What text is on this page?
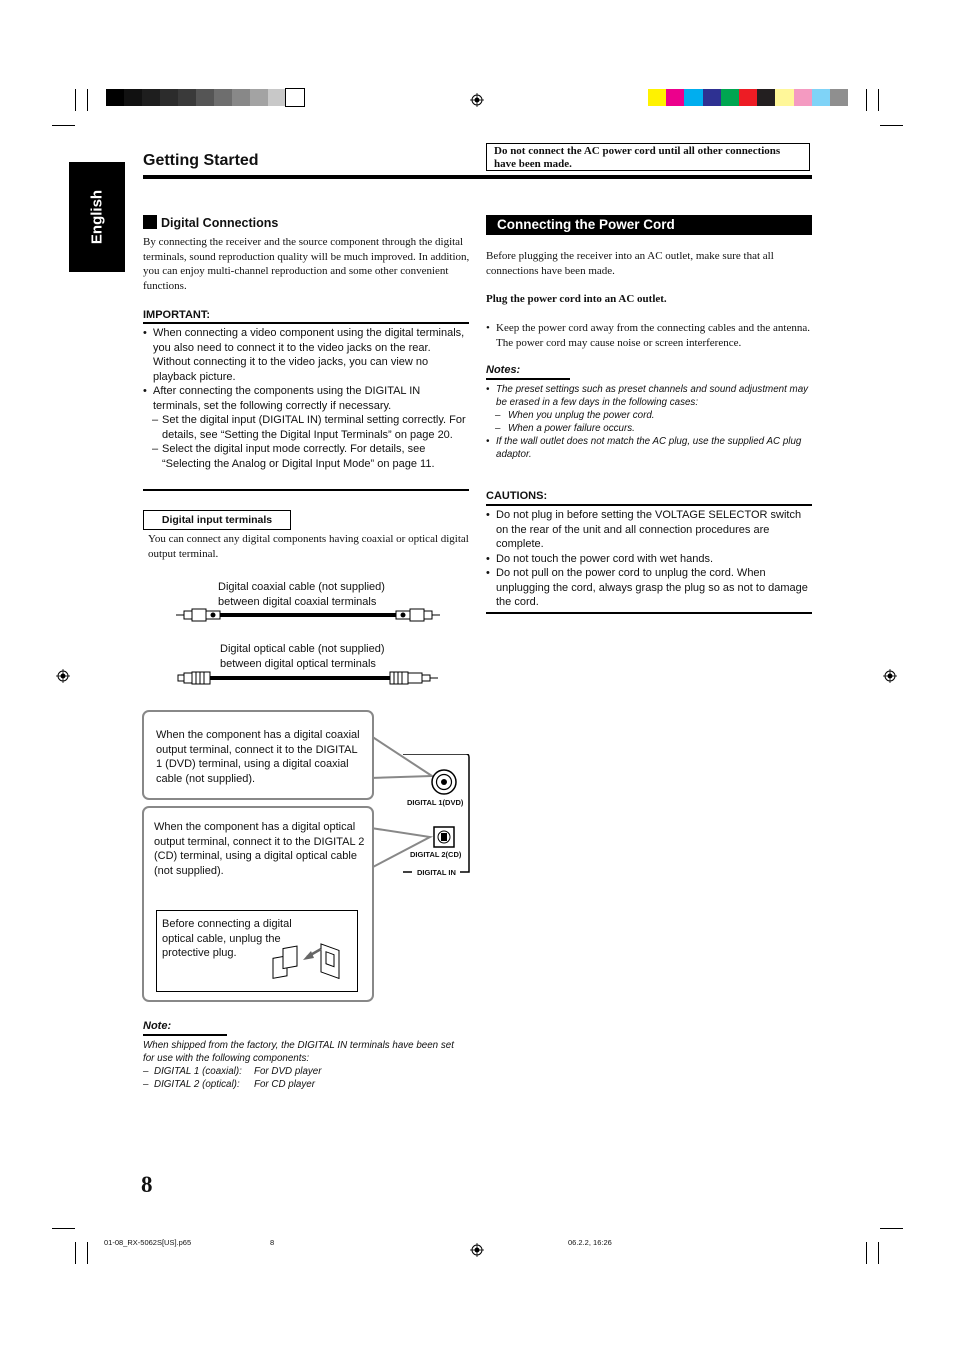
English
Getting Started
Do not connect the AC power cord until all other connections have been made.
Digital Connections
By connecting the receiver and the source component through the digital terminals, sound reproduction quality will be much improved. In addition, you can enjoy multi-channel reproduction and some other convenient functions.
IMPORTANT:
• When connecting a video component using the digital terminals, you also need to connect it to the video jacks on the rear. Without connecting it to the video jacks, you can view no playback picture.
• After connecting the components using the DIGITAL IN terminals, set the following correctly if necessary.
– Set the digital input (DIGITAL IN) terminal setting correctly. For details, see “Setting the Digital Input Terminals” on page 20.
– Select the digital input mode correctly. For details, see “Selecting the Analog or Digital Input Mode” on page 11.
Digital input terminals
You can connect any digital components having coaxial or optical digital output terminal.
Digital coaxial cable (not supplied)
between digital coaxial terminals
Digital optical cable (not supplied)
between digital optical terminals
When the component has a digital coaxial output terminal, connect it to the DIGITAL 1 (DVD) terminal, using a digital coaxial cable (not supplied).
When the component has a digital optical output terminal, connect it to the DIGITAL 2 (CD) terminal, using a digital optical cable (not supplied).
Before connecting a digital optical cable, unplug the protective plug.
DIGITAL 1(DVD)
DIGITAL 2(CD)
DIGITAL IN
Note:
When shipped from the factory, the DIGITAL IN terminals have been set for use with the following components:
– DIGITAL 1 (coaxial): For DVD player
– DIGITAL 2 (optical): For CD player
Connecting the Power Cord
Before plugging the receiver into an AC outlet, make sure that all connections have been made.
Plug the power cord into an AC outlet.
• Keep the power cord away from the connecting cables and the antenna. The power cord may cause noise or screen interference.
Notes:
• The preset settings such as preset channels and sound adjustment may be erased in a few days in the following cases:
– When you unplug the power cord.
– When a power failure occurs.
• If the wall outlet does not match the AC plug, use the supplied AC plug adaptor.
CAUTIONS:
• Do not plug in before setting the VOLTAGE SELECTOR switch on the rear of the unit and all connection procedures are complete.
• Do not touch the power cord with wet hands.
• Do not pull on the power cord to unplug the cord. When unplugging the cord, always grasp the plug so as not to damage the cord.
8
01-08_RX-5062S[US].p65	8	06.2.2, 16:26
